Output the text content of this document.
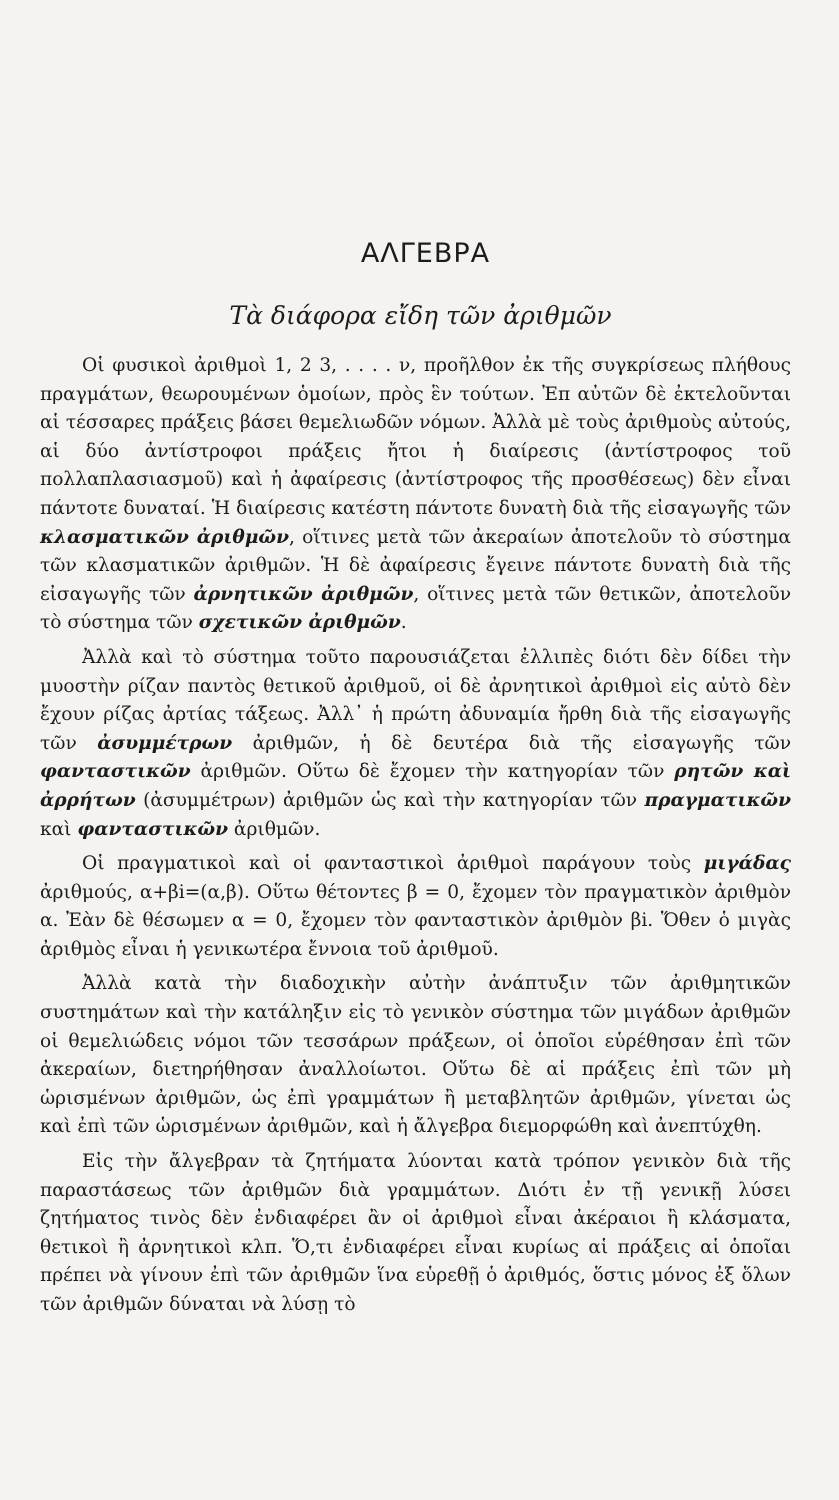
ΑΛΓΕΒΡΑ
Τὰ διάφορα εἴδη τῶν ἀριθμῶν

Οἱ φυσικοὶ ἀριθμοὶ 1, 2 3, . . . . ν, προῆλθον ἐκ τῆς συγκρίσεως πλήθους πραγμάτων, θεωρουμένων ὁμοίων, πρὸς ἓν τούτων. Ἐπ αὐτῶν δὲ ἐκτελοῦνται αἱ τέσσαρες πράξεις βάσει θεμελιωδῶν νόμων. Ἀλλὰ μὲ τοὺς ἀριθμοὺς αὐτούς, αἱ δύο ἀντίστροφοι πράξεις ἤτοι ἡ διαίρεσις (ἀντίστροφος τοῦ πολλαπλασιασμοῦ) καὶ ἡ ἀφαίρεσις (ἀντίστροφος τῆς προσθέσεως) δὲν εἶναι πάντοτε δυναταί. Ἡ διαίρεσις κατέστη πάντοτε δυνατὴ διὰ τῆς εἰσαγωγῆς τῶν κλασματικῶν ἀριθμῶν, οἵτινες μετὰ τῶν ἀκεραίων ἀποτελοῦν τὸ σύστημα τῶν κλασματικῶν ἀριθμῶν. Ἡ δὲ ἀφαίρεσις ἔγεινε πάντοτε δυνατὴ διὰ τῆς εἰσαγωγῆς τῶν ἀρνητικῶν ἀριθμῶν, οἵτινες μετὰ τῶν θετικῶν, ἀποτελοῦν τὸ σύστημα τῶν σχετικῶν ἀριθμῶν.

Ἀλλὰ καὶ τὸ σύστημα τοῦτο παρουσιάζεται ἐλλιπὲς διότι δὲν δίδει τὴν μυοστὴν ρίζαν παντὸς θετικοῦ ἀριθμοῦ, οἱ δὲ ἀρνητικοὶ ἀριθμοὶ εἰς αὐτὸ δὲν ἔχουν ρίζας ἀρτίας τάξεως. Ἀλλ᾽ ἡ πρώτη ἀδυναμία ἤρθη διὰ τῆς εἰσαγωγῆς τῶν ἀσυμμέτρων ἀριθμῶν, ἡ δὲ δευτέρα διὰ τῆς εἰσαγωγῆς τῶν φανταστικῶν ἀριθμῶν. Οὕτω δὲ ἔχομεν τὴν κατηγορίαν τῶν ρητῶν καὶ ἀρρήτων (ἀσυμμέτρων) ἀριθμῶν ὡς καὶ τὴν κατηγορίαν τῶν πραγματικῶν καὶ φανταστικῶν ἀριθμῶν.

Οἱ πραγματικοὶ καὶ οἱ φανταστικοὶ ἀριθμοὶ παράγουν τοὺς μιγάδας ἀριθμούς, α+βi=(α,β). Οὕτω θέτοντες β = 0, ἔχομεν τὸν πραγματικὸν ἀριθμὸν α. Ἐὰν δὲ θέσωμεν α = 0, ἔχομεν τὸν φανταστικὸν ἀριθμὸν βi. Ὅθεν ὁ μιγὰς ἀριθμὸς εἶναι ἡ γενικωτέρα ἔννοια τοῦ ἀριθμοῦ.

Ἀλλὰ κατὰ τὴν διαδοχικὴν αὐτὴν ἀνάπτυξιν τῶν ἀριθμητικῶν συστημάτων καὶ τὴν κατάληξιν εἰς τὸ γενικὸν σύστημα τῶν μιγάδων ἀριθμῶν οἱ θεμελιώδεις νόμοι τῶν τεσσάρων πράξεων, οἱ ὁποῖοι εὑρέθησαν ἐπὶ τῶν ἀκεραίων, διετηρήθησαν ἀναλλοίωτοι. Οὕτω δὲ αἱ πράξεις ἐπὶ τῶν μὴ ὡρισμένων ἀριθμῶν, ὡς ἐπὶ γραμμάτων ἢ μεταβλητῶν ἀριθμῶν, γίνεται ὡς καὶ ἐπὶ τῶν ὡρισμένων ἀριθμῶν, καὶ ἡ ἄλγεβρα διεμορφώθη καὶ ἀνεπτύχθη.

Εἰς τὴν ἄλγεβραν τὰ ζητήματα λύονται κατὰ τρόπον γενικὸν διὰ τῆς παραστάσεως τῶν ἀριθμῶν διὰ γραμμάτων. Διότι ἐν τῇ γενικῇ λύσει ζητήματος τινὸς δὲν ἐνδιαφέρει ἂν οἱ ἀριθμοὶ εἶναι ἀκέραιοι ἢ κλάσματα, θετικοὶ ἢ ἀρνητικοὶ κλπ. Ὅ,τι ἐνδιαφέρει εἶναι κυρίως αἱ πράξεις αἱ ὁποῖαι πρέπει νὰ γίνουν ἐπὶ τῶν ἀριθμῶν ἵνα εὑρεθῇ ὁ ἀριθμός, ὅστις μόνος ἐξ ὅλων τῶν ἀριθμῶν δύναται νὰ λύσῃ τὸ
